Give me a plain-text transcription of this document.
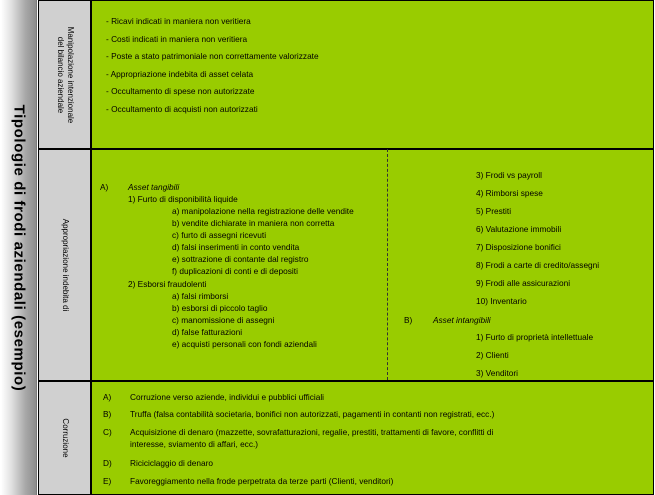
Tipologie di frodi aziendali (esempio)
Manipolazione intenzionale
del bilancio aziendale
- Ricavi indicati in maniera non veritiera
- Costi indicati in maniera non veritiera
- Poste a stato patrimoniale non correttamente valorizzate
- Appropriazione indebita di asset celata
- Occultamento di spese non autorizzate
- Occultamento di acquisti non autorizzati
Appropriazione indebita di
A) Asset tangibili
1) Furto di disponibilità liquide
a) manipolazione nella registrazione delle vendite
b) vendite dichiarate in maniera non corretta
c) furto di assegni ricevuti
d) falsi inserimenti in conto vendita
e) sottrazione di contante dal registro
f) duplicazioni di conti e di depositi
2) Esborsi fraudolenti
a) falsi rimborsi
b) esborsi di piccolo taglio
c) manomissione di assegni
d) false fatturazioni
e) acquisti personali con fondi aziendali
3) Frodi vs payroll
4) Rimborsi spese
5) Prestiti
6) Valutazione immobili
7) Disposizione bonifici
8) Frodi a carte di credito/assegni
9) Frodi alle assicurazioni
10) Inventario
B) Asset intangibili
1) Furto di proprietà intellettuale
2) Clienti
3) Venditori
Corruzione
A) Corruzione verso aziende, individui e pubblici ufficiali
B) Truffa (falsa contabilità societaria, bonifici non autorizzati, pagamenti in contanti non registrati, ecc.)
C) Acquisizione di denaro (mazzette, sovrafatturazioni, regalie, prestiti, trattamenti di favore, conflitti di
interesse, sviamento di affari, ecc.)
D) Riciciclaggio di denaro
E) Favoreggiamento nella frode perpetrata da terze parti (Clienti, venditori)
